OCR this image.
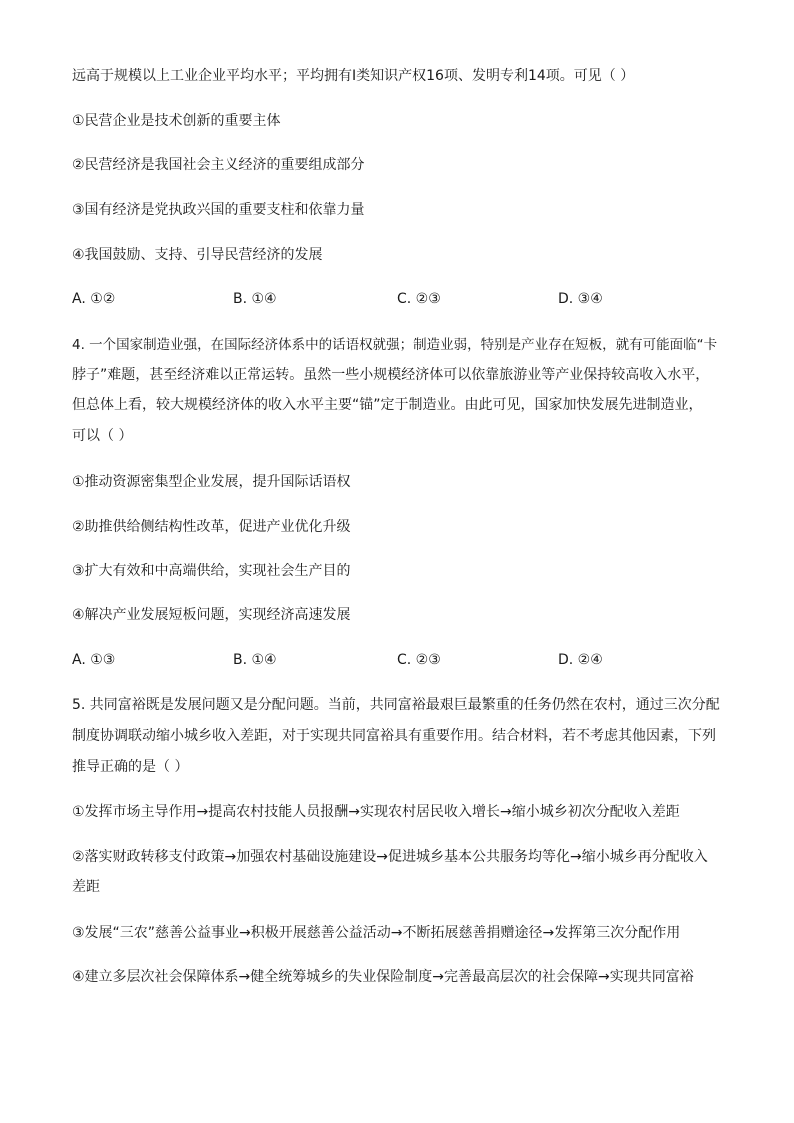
远高于规模以上工业企业平均水平；平均拥有Ⅰ类知识产权16项、发明专利14项。可见（ ）
①民营企业是技术创新的重要主体
②民营经济是我国社会主义经济的重要组成部分
③国有经济是党执政兴国的重要支柱和依靠力量
④我国鼓励、支持、引导民营经济的发展
A. ①②	B. ①④	C. ②③	D. ③④
4. 一个国家制造业强，在国际经济体系中的话语权就强；制造业弱，特别是产业存在短板，就有可能面临“卡
脖子”难题，甚至经济难以正常运转。虽然一些小规模经济体可以依靠旅游业等产业保持较高收入水平，
但总体上看，较大规模经济体的收入水平主要“锚”定于制造业。由此可见，国家加快发展先进制造业，
可以（ ）
①推动资源密集型企业发展，提升国际话语权
②助推供给侧结构性改革，促进产业优化升级
③扩大有效和中高端供给，实现社会生产目的
④解决产业发展短板问题，实现经济高速发展
A. ①③	B. ①④	C. ②③	D. ②④
5. 共同富裕既是发展问题又是分配问题。当前，共同富裕最艰巨最繁重的任务仍然在农村，通过三次分配
制度协调联动缩小城乡收入差距，对于实现共同富裕具有重要作用。结合材料，若不考虑其他因素，下列
推导正确的是（ ）
①发挥市场主导作用→提高农村技能人员报酬→实现农村居民收入增长→缩小城乡初次分配收入差距
②落实财政转移支付政策→加强农村基础设施建设→促进城乡基本公共服务均等化→缩小城乡再分配收入
差距
③发展“三农”慈善公益事业→积极开展慈善公益活动→不断拓展慈善捐赠途径→发挥第三次分配作用
④建立多层次社会保障体系→健全统筹城乡的失业保险制度→完善最高层次的社会保障→实现共同富裕
